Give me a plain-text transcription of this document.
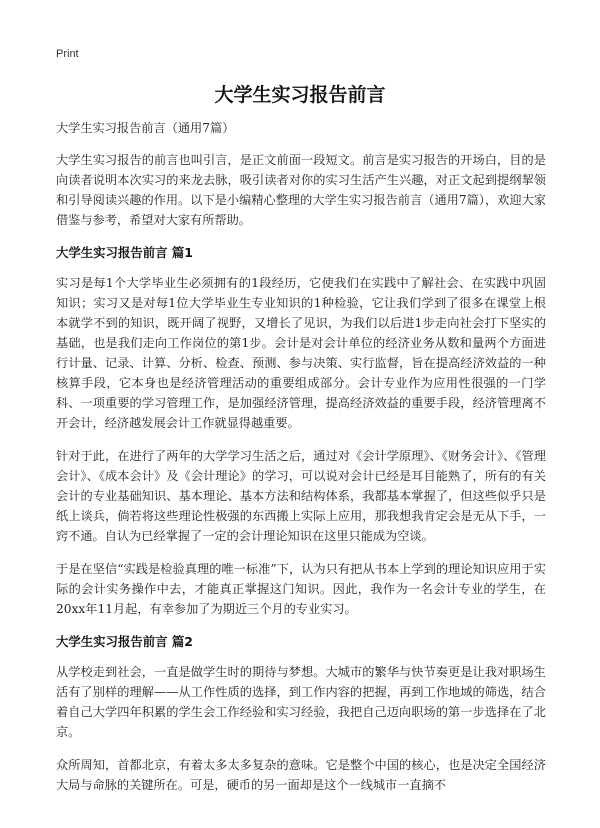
Print
大学生实习报告前言

大学生实习报告前言（通用7篇）

大学生实习报告的前言也叫引言，是正文前面一段短文。前言是实习报告的开场白，目的是向读者说明本次实习的来龙去脉，吸引读者对你的实习生活产生兴趣，对正文起到提纲挈领和引导阅读兴趣的作用。以下是小编精心整理的大学生实习报告前言（通用7篇），欢迎大家借鉴与参考，希望对大家有所帮助。

大学生实习报告前言 篇1

实习是每1个大学毕业生必须拥有的1段经历，它使我们在实践中了解社会、在实践中巩固知识；实习又是对每1位大学毕业生专业知识的1种检验，它让我们学到了很多在课堂上根本就学不到的知识，既开阔了视野，又增长了见识，为我们以后进1步走向社会打下坚实的基础，也是我们走向工作岗位的第1步。会计是对会计单位的经济业务从数和量两个方面进行计量、记录、计算、分析、检查、预测、参与决策、实行监督，旨在提高经济效益的一种核算手段，它本身也是经济管理活动的重要组成部分。会计专业作为应用性很强的一门学科、一项重要的学习管理工作，是加强经济管理，提高经济效益的重要手段，经济管理离不开会计，经济越发展会计工作就显得越重要。

针对于此，在进行了两年的大学学习生活之后，通过对《会计学原理》、《财务会计》、《管理会计》、《成本会计》及《会计理论》的学习，可以说对会计已经是耳目能熟了，所有的有关会计的专业基础知识、基本理论、基本方法和结构体系，我都基本掌握了，但这些似乎只是纸上谈兵，倘若将这些理论性极强的东西搬上实际上应用，那我想我肯定会是无从下手，一窍不通。自认为已经掌握了一定的会计理论知识在这里只能成为空谈。

于是在坚信“实践是检验真理的唯一标准”下，认为只有把从书本上学到的理论知识应用于实际的会计实务操作中去，才能真正掌握这门知识。因此，我作为一名会计专业的学生，在20xx年11月起，有幸参加了为期近三个月的专业实习。

大学生实习报告前言 篇2

从学校走到社会，一直是做学生时的期待与梦想。大城市的繁华与快节奏更是让我对职场生活有了别样的理解——从工作性质的选择，到工作内容的把握，再到工作地域的筛选，结合着自己大学四年积累的学生会工作经验和实习经验，我把自己迈向职场的第一步选择在了北京。

众所周知，首都北京，有着太多太多复杂的意味。它是整个中国的核心，也是决定全国经济大局与命脉的关键所在。可是，硬币的另一面却是这个一线城市一直摘不
